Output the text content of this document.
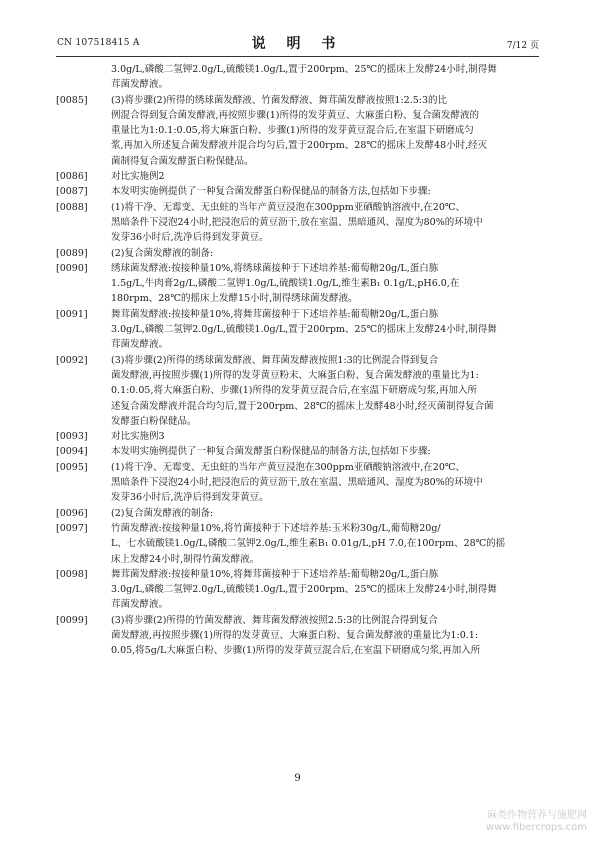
CN 107518415 A	说 明 书	7/12 页
3.0g/L,磷酸二氢钾2.0g/L,硫酸镁1.0g/L,置于200rpm、25℃的摇床上发酵24小时,制得舞
茸菌发酵液。
[0085] (3)将步骤(2)所得的绣球菌发酵液、竹菌发酵液、舞茸菌发酵液按照1:2.5:3的比
例混合得到复合菌发酵液,再按照步骤(1)所得的发芽黄豆、大麻蛋白粉、复合菌发酵液的
重量比为1:0.1:0.05,将大麻蛋白粉、步骤(1)所得的发芽黄豆混合后,在室温下研磨成匀
浆,再加入所述复合菌发酵液并混合均匀后,置于200rpm、28℃的摇床上发酵48小时,经灭
菌制得复合菌发酵蛋白粉保健品。
[0086] 对比实施例2
[0087] 本发明实施例提供了一种复合菌发酵蛋白粉保健品的制备方法,包括如下步骤:
[0088] (1)将干净、无霉变、无虫蛀的当年产黄豆浸泡在300ppm亚硒酸钠溶液中,在20℃、
黑暗条件下浸泡24小时,把浸泡后的黄豆沥干,放在室温、黑暗通风、湿度为80%的环境中
发芽36小时后,洗净后得到发芽黄豆。
[0089] (2)复合菌发酵液的制备:
[0090] 绣球菌发酵液:按接种量10%,将绣球菌接种于下述培养基:葡萄糖20g/L,蛋白胨
1.5g/L,牛肉膏2g/L,磷酸二氢钾1.0g/L,硫酸镁1.0g/L,维生素B₁ 0.1g/L,pH6.0,在
180rpm、28℃的摇床上发酵15小时,制得绣球菌发酵液。
[0091] 舞茸菌发酵液:按接种量10%,将舞茸菌接种于下述培养基:葡萄糖20g/L,蛋白胨
3.0g/L,磷酸二氢钾2.0g/L,硫酸镁1.0g/L,置于200rpm、25℃的摇床上发酵24小时,制得舞
茸菌发酵液。
[0092] (3)将步骤(2)所得的绣球菌发酵液、舞茸菌发酵液按照1:3的比例混合得到复合
菌发酵液,再按照步骤(1)所得的发芽黄豆粉末、大麻蛋白粉、复合菌发酵液的重量比为1:
0.1:0.05,将大麻蛋白粉、步骤(1)所得的发芽黄豆混合后,在室温下研磨成匀浆,再加入所
述复合菌发酵液并混合均匀后,置于200rpm、28℃的摇床上发酵48小时,经灭菌制得复合菌
发酵蛋白粉保健品。
[0093] 对比实施例3
[0094] 本发明实施例提供了一种复合菌发酵蛋白粉保健品的制备方法,包括如下步骤:
[0095] (1)将干净、无霉变、无虫蛀的当年产黄豆浸泡在300ppm亚硒酸钠溶液中,在20℃、
黑暗条件下浸泡24小时,把浸泡后的黄豆沥干,放在室温、黑暗通风、湿度为80%的环境中
发芽36小时后,洗净后得到发芽黄豆。
[0096] (2)复合菌发酵液的制备:
[0097] 竹菌发酵液:按接种量10%,将竹菌接种于下述培养基:玉米粉30g/L,葡萄糖20g/
L、七水硫酸镁1.0g/L,磷酸二氢钾2.0g/L,维生素B₁ 0.01g/L,pH 7.0,在100rpm、28℃的摇
床上发酵24小时,制得竹菌发酵液。
[0098] 舞茸菌发酵液:按接种量10%,将舞茸菌接种于下述培养基:葡萄糖20g/L,蛋白胨
3.0g/L,磷酸二氢钾2.0g/L,硫酸镁1.0g/L,置于200rpm、25℃的摇床上发酵24小时,制得舞
茸菌发酵液。
[0099] (3)将步骤(2)所得的竹菌发酵液、舞茸菌发酵液按照2.5:3的比例混合得到复合
菌发酵液,再按照步骤(1)所得的发芽黄豆、大麻蛋白粉、复合菌发酵液的重量比为1:0.1:
0.05,将5g/L大麻蛋白粉、步骤(1)所得的发芽黄豆混合后,在室温下研磨成匀浆,再加入所
9
麻类作物营养与施肥网
www.fibercrops.com
